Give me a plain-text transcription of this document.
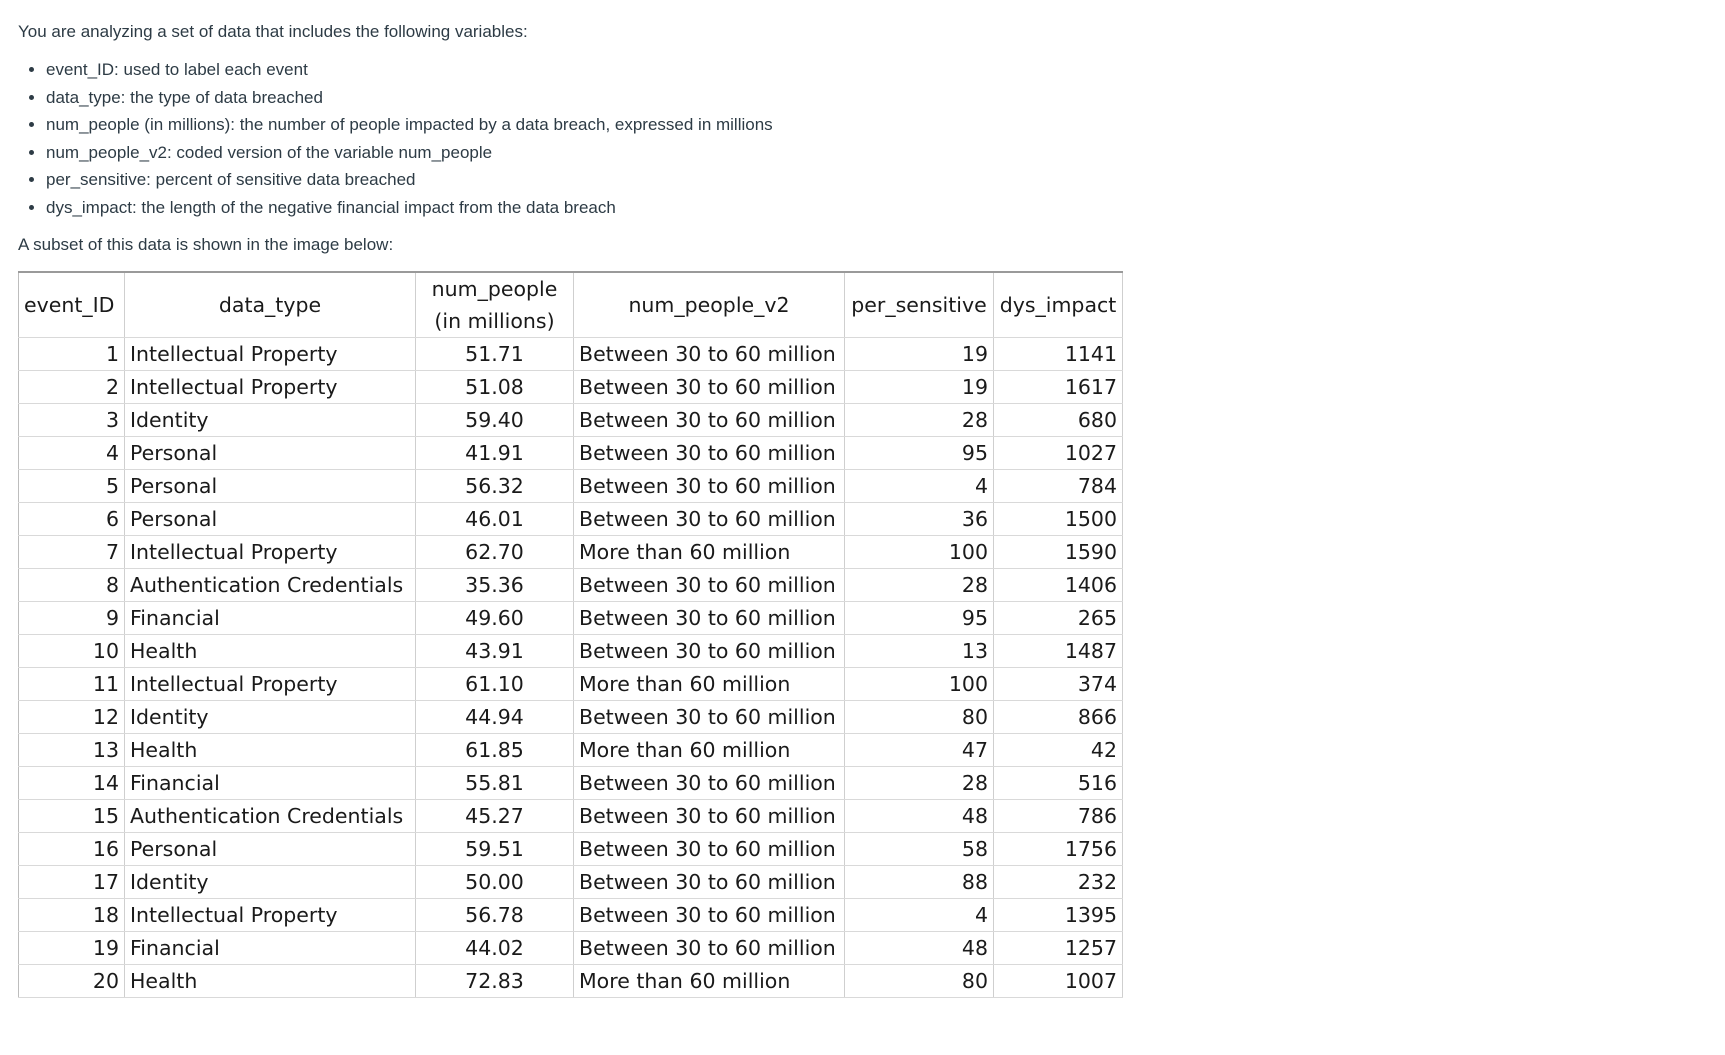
You are analyzing a set of data that includes the following variables:

• event_ID: used to label each event
• data_type: the type of data breached
• num_people (in millions): the number of people impacted by a data breach, expressed in millions
• num_people_v2: coded version of the variable num_people
• per_sensitive: percent of sensitive data breached
• dys_impact: the length of the negative financial impact from the data breach

A subset of this data is shown in the image below:

event_ID	data_type	num_people
(in millions)	num_people_v2	per_sensitive	dys_impact
1	Intellectual Property	51.71	Between 30 to 60 million	19	1141
2	Intellectual Property	51.08	Between 30 to 60 million	19	1617
3	Identity	59.40	Between 30 to 60 million	28	680
4	Personal	41.91	Between 30 to 60 million	95	1027
5	Personal	56.32	Between 30 to 60 million	4	784
6	Personal	46.01	Between 30 to 60 million	36	1500
7	Intellectual Property	62.70	More than 60 million	100	1590
8	Authentication Credentials	35.36	Between 30 to 60 million	28	1406
9	Financial	49.60	Between 30 to 60 million	95	265
10	Health	43.91	Between 30 to 60 million	13	1487
11	Intellectual Property	61.10	More than 60 million	100	374
12	Identity	44.94	Between 30 to 60 million	80	866
13	Health	61.85	More than 60 million	47	42
14	Financial	55.81	Between 30 to 60 million	28	516
15	Authentication Credentials	45.27	Between 30 to 60 million	48	786
16	Personal	59.51	Between 30 to 60 million	58	1756
17	Identity	50.00	Between 30 to 60 million	88	232
18	Intellectual Property	56.78	Between 30 to 60 million	4	1395
19	Financial	44.02	Between 30 to 60 million	48	1257
20	Health	72.83	More than 60 million	80	1007
